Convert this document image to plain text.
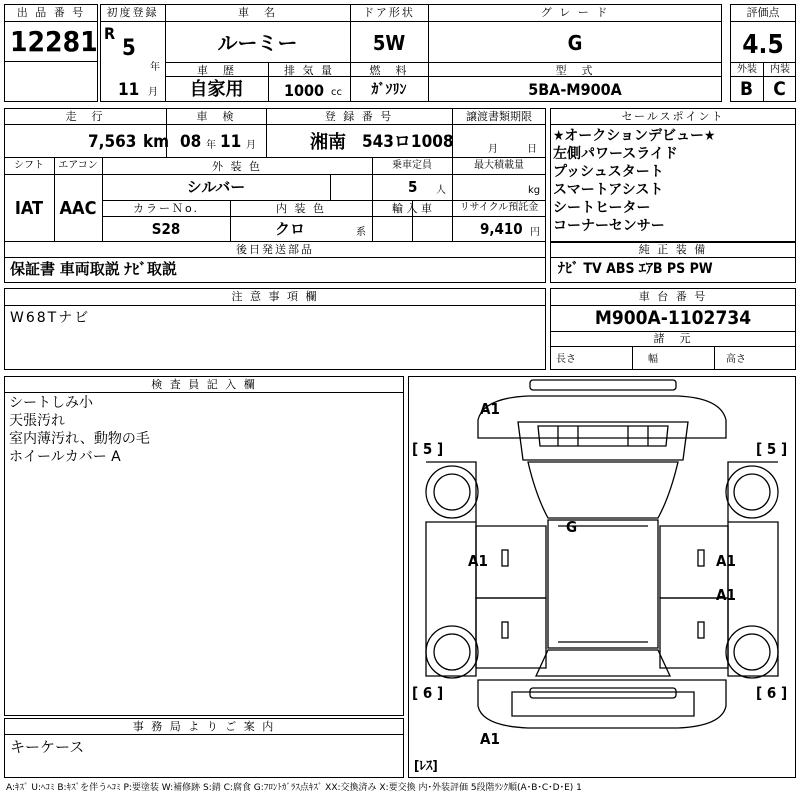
出 品 番 号
12281
初度登録
R
5
年
11 月
車　名
ルーミー
ドア形状
5W
グ レ ー ド
G
車　歴
自家用
排 気 量
1000 cc
燃　料
ｶﾞｿﾘﾝ
型　式
5BA-M900A
評価点
4.5
外装	内装
B	C
走　行
7,563 km
車　検
08 年 11 月
登 録 番 号
湘南 543ロ1008
譲渡書類期限
月	日
シフト
IAT
エアコン
AAC
外 装 色
シルバー
乗車定員
5 人
最大積載量
kg
カラーＮo.
S28
内 装 色
クロ	系
輸 入 車	リサイクル預託金
9,410 円
後日発送部品
保証書 車両取説 ﾅﾋﾞ取説
セールスポイント
★オークションデビュー★
左側パワースライド
プッシュスタート
スマートアシスト
シートヒーター
コーナーセンサー
純 正 装 備
ﾅﾋﾞ TV ABS ｴｱB PS PW
注 意 事 項 欄
W68Tナビ
車 台 番 号
M900A-1102734
諸　元
長さ	幅	高さ
検 査 員 記 入 欄
シートしみ小
天張汚れ
室内薄汚れ、動物の毛
ホイールカバー A
事 務 局 よ り ご 案 内
キーケース
A1
[ 5 ]	[ 5 ]
G
A1	A1
A1
[ 6 ]	[ 6 ]
A1
[ﾚｽ]
A:ｷｽﾞ U:ﾍｺﾐ B:ｷｽﾞを伴うﾍｺﾐ P:要塗装 W:補修跡 S:錆 C:腐食 G:ﾌﾛﾝﾄｶﾞﾗｽ点ｷｽﾞ XX:交換済み X:要交換 内･外装評価 5段階ﾗﾝｸ順(A･B･C･D･E) 1
